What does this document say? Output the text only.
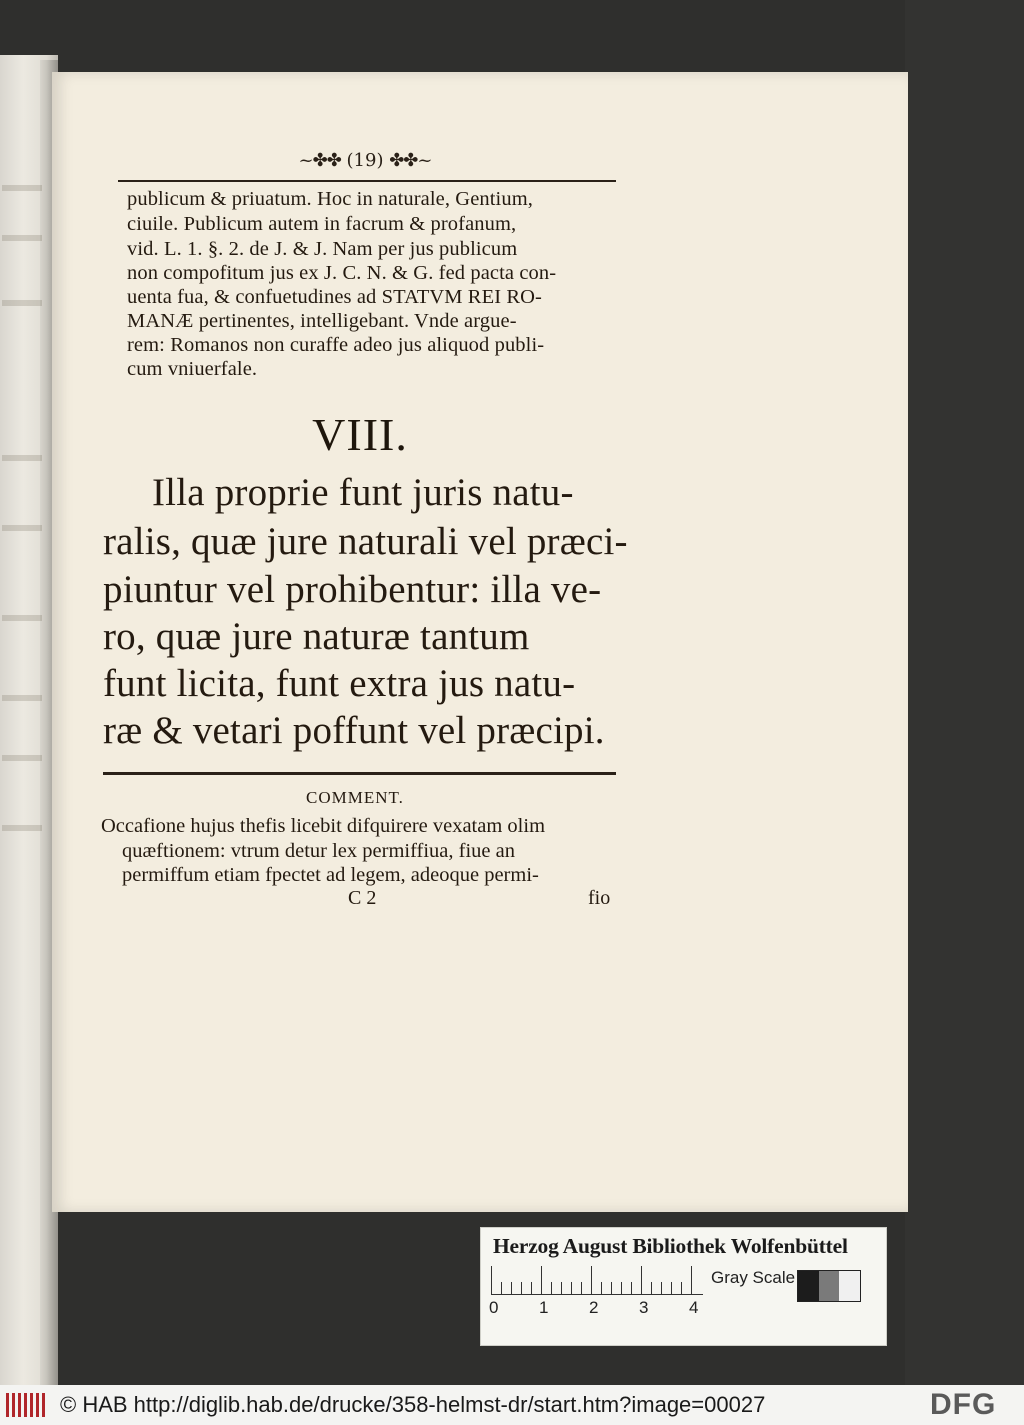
~✤✤ (19) ✤✤~
publicum & priuatum. Hoc in naturale, Gentium,
ciuile. Publicum autem in facrum & profanum,
vid. L. 1. §. 2. de J. & J. Nam per jus publicum
non compofitum jus ex J. C. N. & G. fed pacta con-
uenta fua, & confuetudines ad STATVM REI RO-
MANÆ pertinentes, intelligebant. Vnde argue-
rem: Romanos non curaffe adeo jus aliquod publi-
cum vniuerfale.
VIII.
Illa proprie funt juris natu-
ralis, quæ jure naturali vel præci-
piuntur vel prohibentur: illa ve-
ro, quæ jure naturæ tantum
funt licita, funt extra jus natu-
ræ & vetari poffunt vel præcipi.
COMMENT.
Occafione hujus thefis licebit difquirere vexatam olim
quæftionem: vtrum detur lex permiffiua, fiue an
permiffum etiam fpectet ad legem, adeoque permi-
C 2	fio
Herzog August Bibliothek Wolfenbüttel
0 1 2 3 4
Gray Scale
© HAB http://diglib.hab.de/drucke/358-helmst-dr/start.htm?image=00027	DFG
